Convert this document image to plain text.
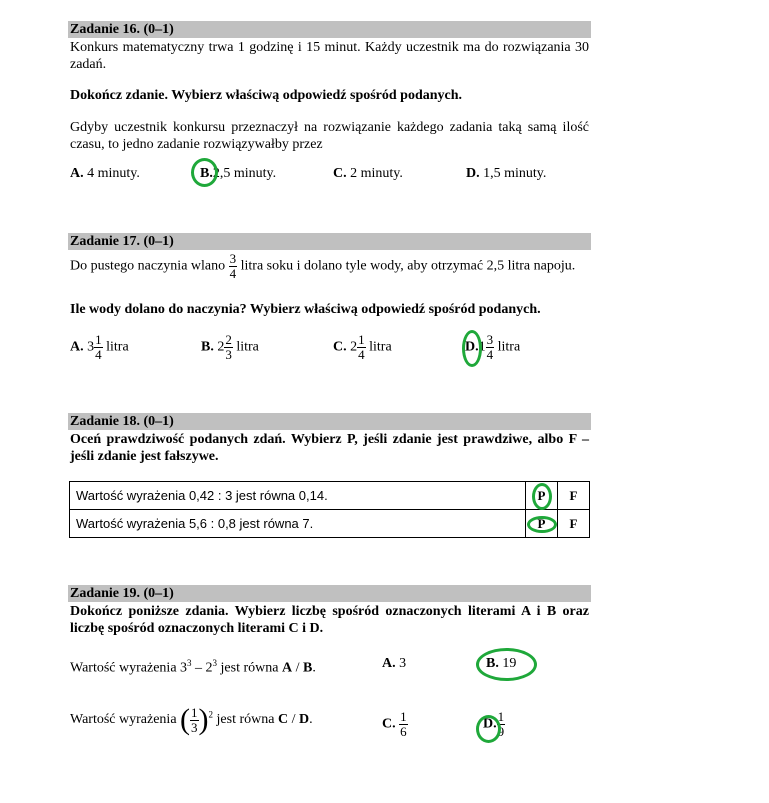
Zadanie 16. (0–1)
Konkurs matematyczny trwa 1 godzinę i 15 minut. Każdy uczestnik ma do rozwiązania 30 zadań.
Dokończ zdanie. Wybierz właściwą odpowiedź spośród podanych.
Gdyby uczestnik konkursu przeznaczył na rozwiązanie każdego zadania taką samą ilość czasu, to jedno zadanie rozwiązywałby przez
A. 4 minuty.	B.2,5 minuty.	C. 2 minuty.	D. 1,5 minuty.
Zadanie 17. (0–1)
Do pustego naczynia wlano $\frac{3}{4}$ litra soku i dolano tyle wody, aby otrzymać 2,5 litra napoju.
Ile wody dolano do naczynia? Wybierz właściwą odpowiedź spośród podanych.
A. $3 \frac{1}{4}$ litra	B. $2 \frac{2}{3}$ litra	C. $2 \frac{1}{4}$ litra	$D.1 \frac{3}{4}$ litra
Zadanie 18. (0–1)
Oceń prawdziwość podanych zdań. Wybierz P, jeśli zdanie jest prawdziwe, albo F – jeśli zdanie jest fałszywe.
Wartość wyrażenia 0,42 : 3 jest równa 0,14.	P	F
Wartość wyrażenia 5,6 : 0,8 jest równa 7.	P	F
Zadanie 19. (0–1)
Dokończ poniższe zdania. Wybierz liczbę spośród oznaczonych literami A i B oraz liczbę spośród oznaczonych literami C i D.
Wartość wyrażenia $3^3 - 2^3$ jest równa A / B.	A. 3	B. 19
Wartość wyrażenia ( $\frac{1}{3} )^2$ jest równa C / D.	C. $\frac{1}{6}$	D. $\frac{1}{9}$
